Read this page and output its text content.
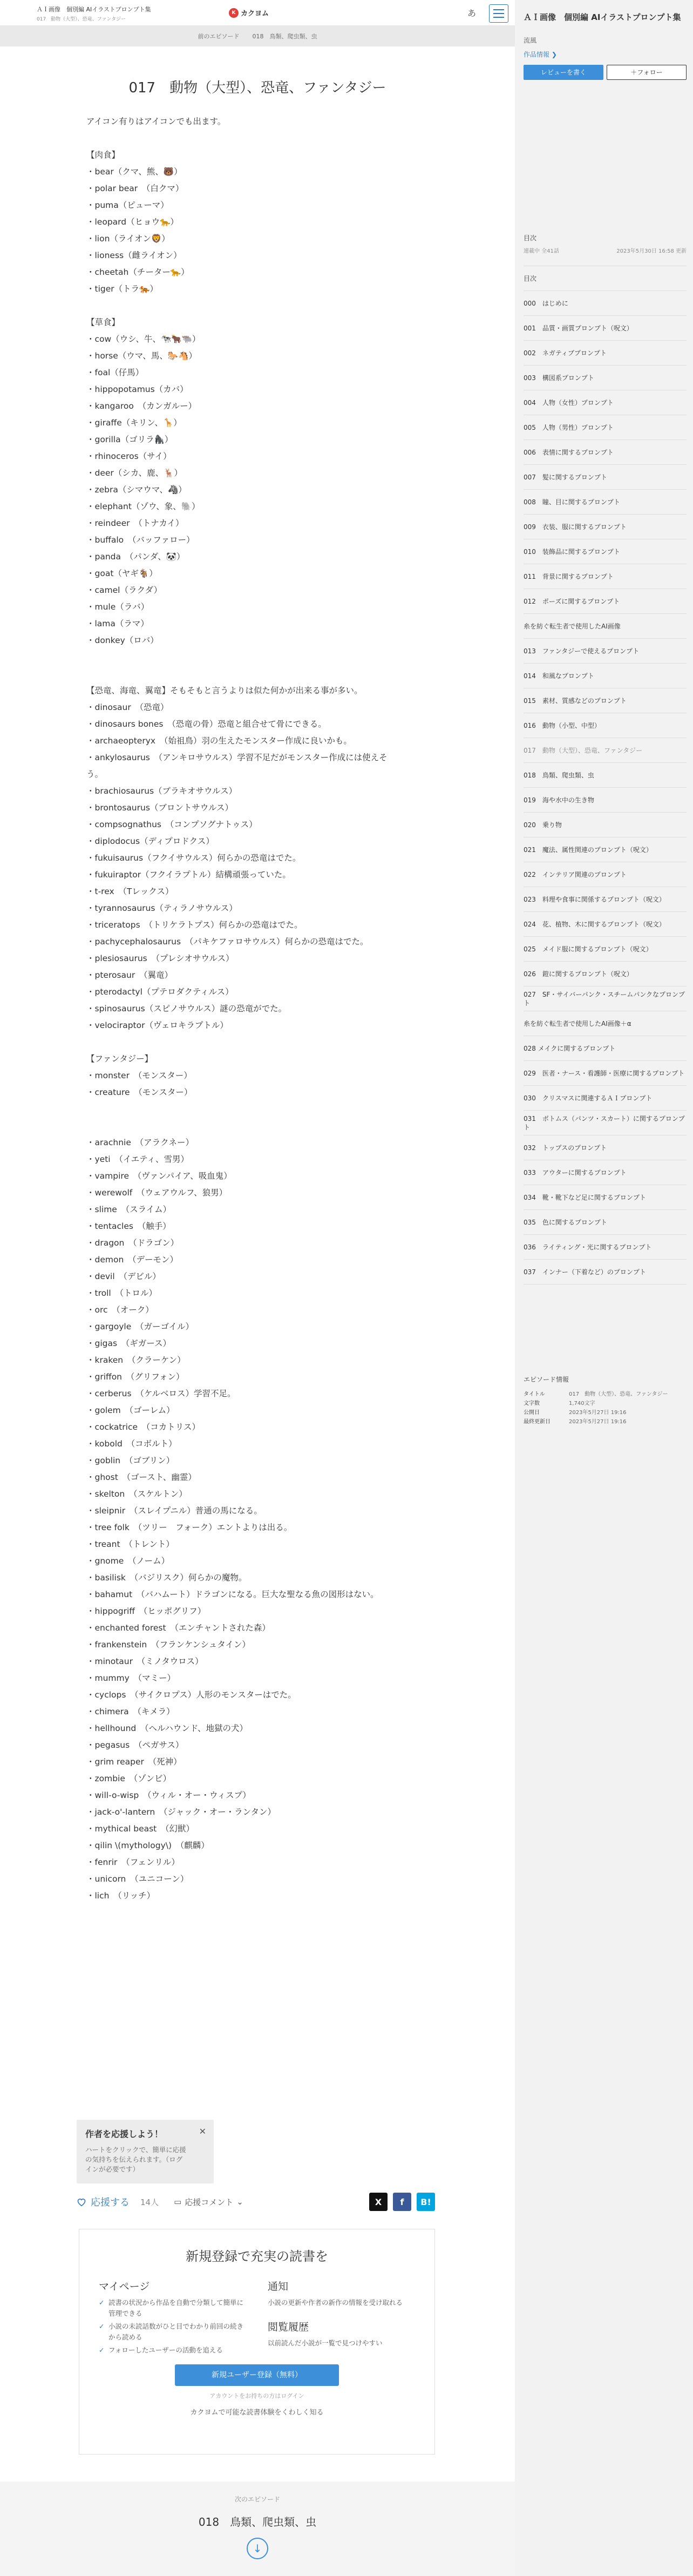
ＡＩ画像　個別編 AIイラストプロンプト集
017　動物（大型）、恐竜、ファンタジー
K カクヨム	あ
前のエピソード 018　鳥類、爬虫類、虫
017　動物（大型）、恐竜、ファンタジー
アイコン有りはアイコンでも出ます。
【肉食】
・bear（クマ、熊、🐻）
・polar bear　（白クマ）
・puma（ピューマ）
・leopard（ヒョウ🐆）
・lion（ライオン🦁）
・lioness（雌ライオン）
・cheetah（チーター🐆）
・tiger（トラ🐅）
【草食】
・cow（ウシ、牛、🐄🐂🐃）
・horse（ウマ、馬、🐎🐴）
・foal（仔馬）
・hippopotamus（カバ）
・kangaroo　（カンガルー）
・giraffe（キリン、🦒）
・gorilla（ゴリラ🦍）
・rhinoceros（サイ）
・deer（シカ、鹿、🦌）
・zebra（シマウマ、🦓）
・elephant（ゾウ、象、🐘）
・reindeer　（トナカイ）
・buffalo　（バッファロー）
・panda　（パンダ、🐼）
・goat（ヤギ🐐）
・camel（ラクダ）
・mule（ラバ）
・lama（ラマ）
・donkey（ロバ）
【恐竜、海竜、翼竜】そもそもと言うよりは似た何かが出来る事が多い。
・dinosaur　（恐竜）
・dinosaurs bones　（恐竜の骨）恐竜と組合せて骨にできる。
・archaeopteryx　（始祖鳥）羽の生えたモンスター作成に良いかも。
・ankylosaurus　（アンキロサウルス）学習不足だがモンスター作成には使えそ
う。
・brachiosaurus（ブラキオサウルス）
・brontosaurus（ブロントサウルス）
・compsognathus　（コンプソグナトゥス）
・diplodocus（ディプロドクス）
・fukuisaurus（フクイサウルス）何らかの恐竜はでた。
・fukuiraptor（フクイラプトル）結構頑張っていた。
・t-rex　（Tレックス）
・tyrannosaurus（ティラノサウルス）
・triceratops　（トリケラトプス）何らかの恐竜はでた。
・pachycephalosaurus　（パキケファロサウルス）何らかの恐竜はでた。
・plesiosaurus　（プレシオサウルス）
・pterosaur　（翼竜）
・pterodactyl（プテロダクティルス）
・spinosaurus（スピノサウルス）謎の恐竜がでた。
・velociraptor（ヴェロキラプトル）
【ファンタジー】
・monster　（モンスター）
・creature　（モンスター）
・arachnie　（アラクネー）
・yeti　（イエティ、雪男）
・vampire　（ヴァンパイア、吸血鬼）
・werewolf　（ウェアウルフ、狼男）
・slime　（スライム）
・tentacles　（触手）
・dragon　（ドラゴン）
・demon　（デーモン）
・devil　（デビル）
・troll　（トロル）
・orc　（オーク）
・gargoyle　（ガーゴイル）
・gigas　（ギガース）
・kraken　（クラーケン）
・griffon　（グリフォン）
・cerberus　（ケルベロス）学習不足。
・golem　（ゴーレム）
・cockatrice　（コカトリス）
・kobold　（コボルト）
・goblin　（ゴブリン）
・ghost　（ゴースト、幽霊）
・skelton　（スケルトン）
・sleipnir　（スレイプニル）普通の馬になる。
・tree folk　（ツリー　フォーク）エントよりは出る。
・treant　（トレント）
・gnome　（ノーム）
・basilisk　（バジリスク）何らかの魔物。
・bahamut　（バハムート）ドラゴンになる。巨大な聖なる魚の図形はない。
・hippogriff　（ヒッポグリフ）
・enchanted forest　（エンチャントされた森）
・frankenstein　（フランケンシュタイン）
・minotaur　（ミノタウロス）
・mummy　（マミー）
・cyclops　（サイクロプス）人形のモンスターはでた。
・chimera　（キメラ）
・hellhound　（ヘルハウンド、地獄の犬）
・pegasus　（ペガサス）
・grim reaper　（死神）
・zombie　（ゾンビ）
・will-o-wisp　（ウィル・オー・ウィスプ）
・jack-o'-lantern　（ジャック・オー・ランタン）
・mythical beast　（幻獣）
・qilin \(mythology\)　（麒麟）
・fenrir　（フェンリル）
・unicorn　（ユニコーン）
・lich　（リッチ）
作者を応援しよう！
ハートをクリックで、簡単に応援の気持ちを伝えられます。（ログインが必要です）
✕
応援する 14人 ▭ 応援コメント ⌄	X	f	B!
新規登録で充実の読書を
マイページ
✓ 読書の状況から作品を自動で分類して簡単に管理できる
✓ 小説の未読話数がひと目でわかり前回の続きから読める
✓ フォローしたユーザーの活動を追える
通知

小説の更新や作者の新作の情報を受け取れる

閲覧履歴

以前読んだ小説が一覧で見つけやすい

新規ユーザー登録（無料）
アカウントをお持ちの方はログイン
カクヨムで可能な読書体験をくわしく知る
次のエピソード
018　鳥類、爬虫類、虫
↓
ＡＩ画像　個別編 AIイラストプロンプト集
流風
作品情報 ❯
レビューを書く	＋フォロー
目次
連載中 全41話	2023年5月30日 16:58 更新
目次
000　はじめに
001　品質・画質プロンプト（呪文）
002　ネガティブプロンプト
003　構図系プロンプト
004　人物（女性）プロンプト
005　人物（男性）プロンプト
006　表情に関するプロンプト
007　髪に関するプロンプト
008　瞳、目に関するプロンプト
009　衣装、服に関するプロンプト
010　装飾品に関するプロンプト
011　背景に関するプロンプト
012　ポーズに関するプロンプト
糸を紡ぐ転生者で使用したAI画像
013　ファンタジーで使えるプロンプト
014　和風なプロンプト
015　素材、質感などのプロンプト
016　動物（小型、中型）
017　動物（大型）、恐竜、ファンタジー
018　鳥類、爬虫類、虫
019　海や水中の生き物
020　乗り物
021　魔法、属性関連のプロンプト（呪文）
022　インテリア関連のプロンプト
023　料理や食事に関係するプロンプト（呪文）
024　花、植物、木に関するプロンプト（呪文）
025　メイド服に関するプロンプト（呪文）
026　鎧に関するプロンプト（呪文）
027　SF・サイバーパンク・スチームパンクなプロンプト
糸を紡ぐ転生者で使用したAI画像＋α
028 メイクに関するプロンプト
029　医者・ナース・看護師・医療に関するプロンプト
030　クリスマスに関連するＡＩプロンプト
031　ボトムス（パンツ・スカート）に関するプロンプト
032　トップスのプロンプト
033　アウターに関するプロンプト
034　靴・靴下など足に関するプロンプト
035　色に関するプロンプト
036　ライティング・光に関するプロンプト
037　インナー（下着など）のプロンプト
エピソード情報
タイトル	017　動物（大型）、恐竜、ファンタジー
文字数	1,740文字
公開日	2023年5月27日 19:16
最終更新日	2023年5月27日 19:16
